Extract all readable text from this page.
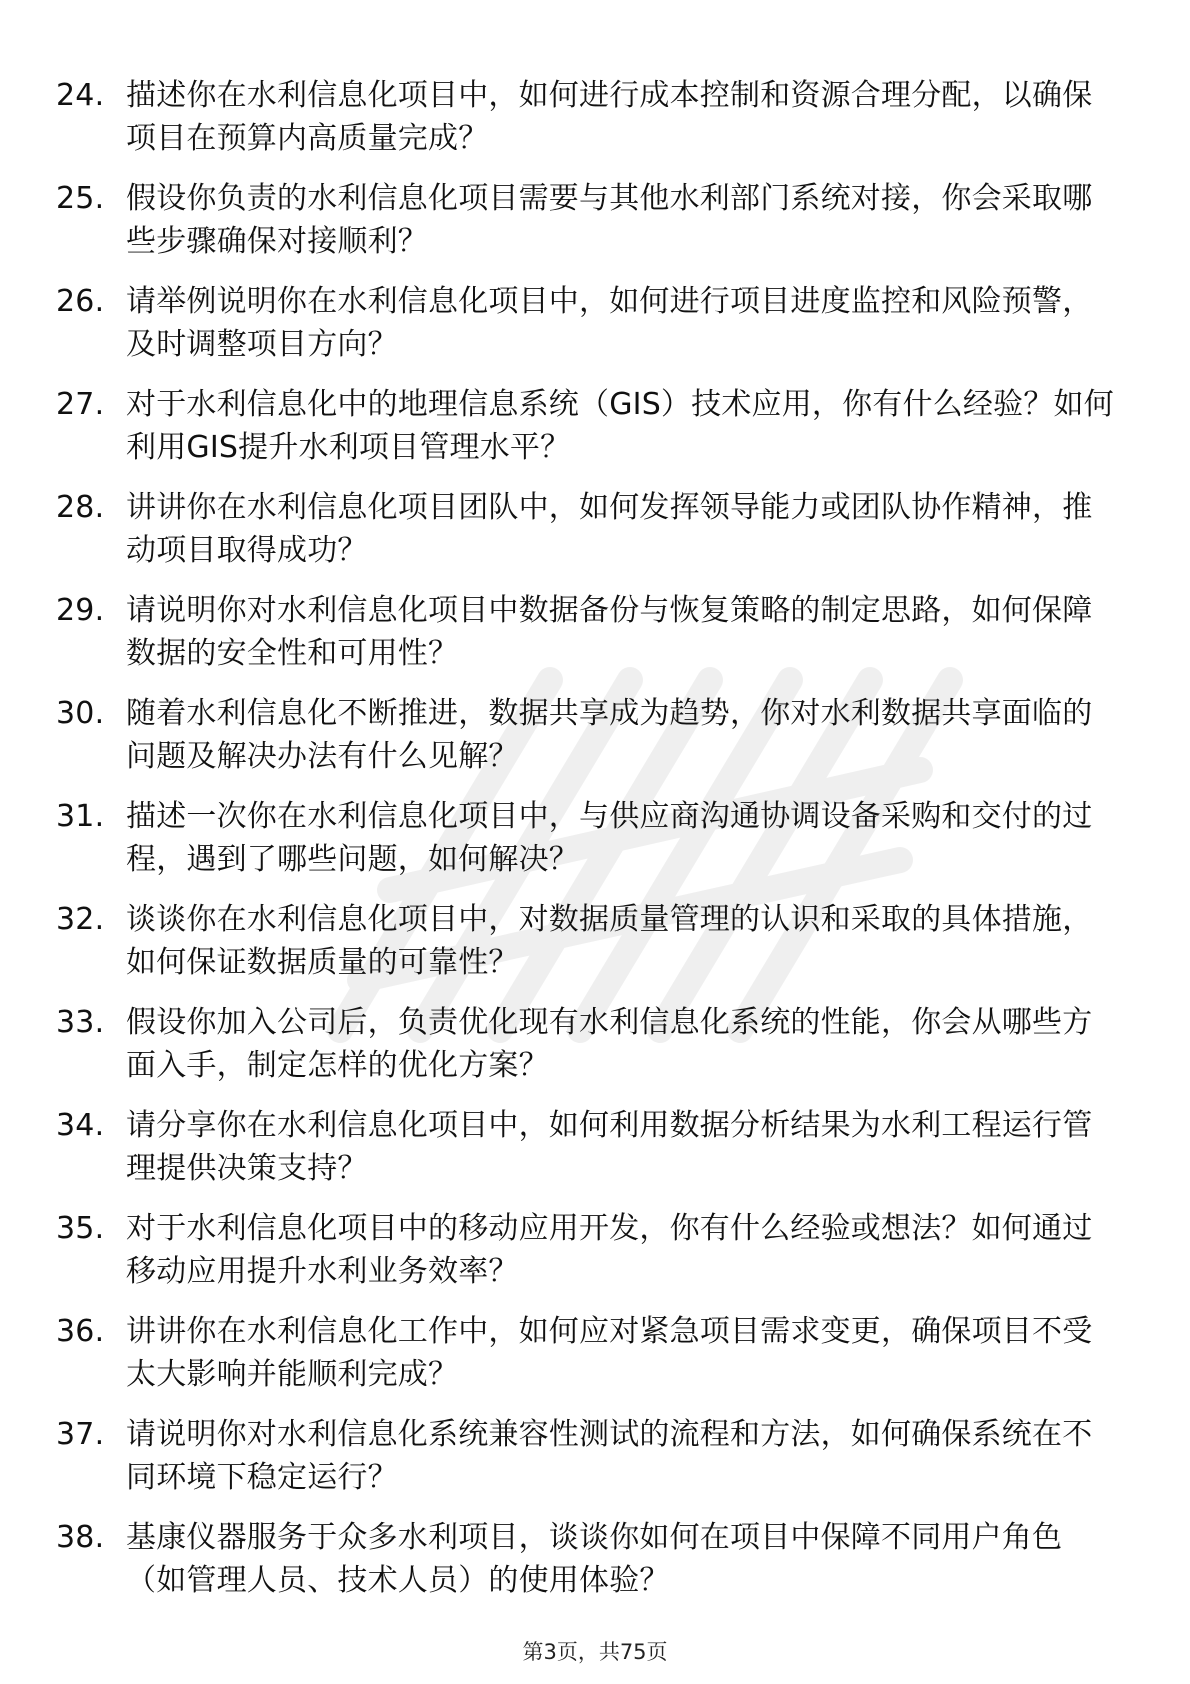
24. 描述你在水利信息化项目中，如何进行成本控制和资源合理分配，以确保项目在预算内高质量完成？
25. 假设你负责的水利信息化项目需要与其他水利部门系统对接，你会采取哪些步骤确保对接顺利？
26. 请举例说明你在水利信息化项目中，如何进行项目进度监控和风险预警，及时调整项目方向？
27. 对于水利信息化中的地理信息系统（GIS）技术应用，你有什么经验？如何利用GIS提升水利项目管理水平？
28. 讲讲你在水利信息化项目团队中，如何发挥领导能力或团队协作精神，推动项目取得成功？
29. 请说明你对水利信息化项目中数据备份与恢复策略的制定思路，如何保障数据的安全性和可用性？
30. 随着水利信息化不断推进，数据共享成为趋势，你对水利数据共享面临的问题及解决办法有什么见解？
31. 描述一次你在水利信息化项目中，与供应商沟通协调设备采购和交付的过程，遇到了哪些问题，如何解决？
32. 谈谈你在水利信息化项目中，对数据质量管理的认识和采取的具体措施，如何保证数据质量的可靠性？
33. 假设你加入公司后，负责优化现有水利信息化系统的性能，你会从哪些方面入手，制定怎样的优化方案？
34. 请分享你在水利信息化项目中，如何利用数据分析结果为水利工程运行管理提供决策支持？
35. 对于水利信息化项目中的移动应用开发，你有什么经验或想法？如何通过移动应用提升水利业务效率？
36. 讲讲你在水利信息化工作中，如何应对紧急项目需求变更，确保项目不受太大影响并能顺利完成？
37. 请说明你对水利信息化系统兼容性测试的流程和方法，如何确保系统在不同环境下稳定运行？
38. 基康仪器服务于众多水利项目，谈谈你如何在项目中保障不同用户角色（如管理人员、技术人员）的使用体验？
第3页，共75页
